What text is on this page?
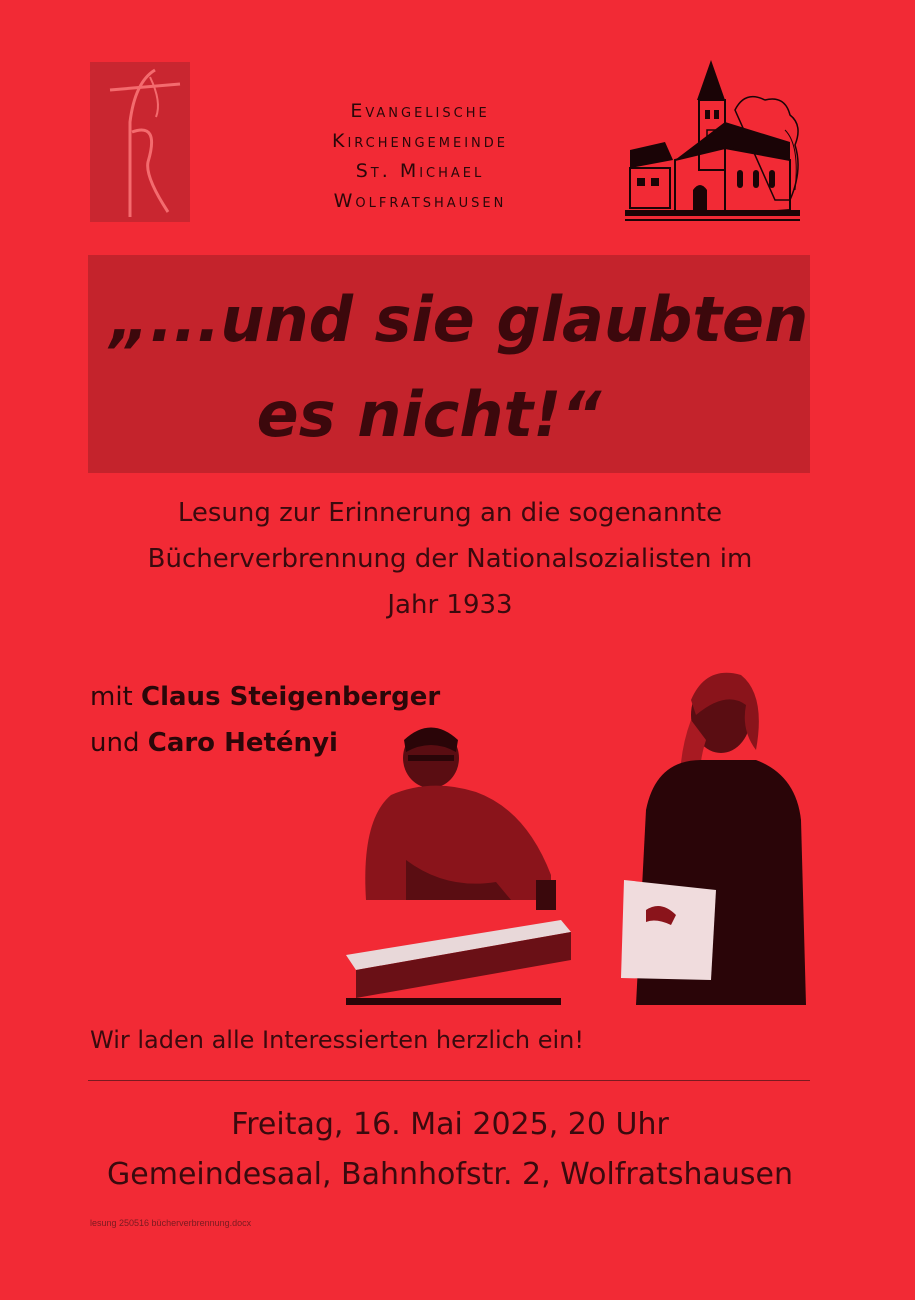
Evangelische
Kirchengemeinde
St. Michael
Wolfratshausen
„...und sie glaubten
es nicht!“
Lesung zur Erinnerung an die sogenannte
Bücherverbrennung der Nationalsozialisten im
Jahr 1933
mit Claus Steigenberger
und Caro Hetényi
Wir laden alle Interessierten herzlich ein!
Freitag, 16. Mai 2025, 20 Uhr
Gemeindesaal, Bahnhofstr. 2, Wolfratshausen
lesung 250516 bücherverbrennung.docx
